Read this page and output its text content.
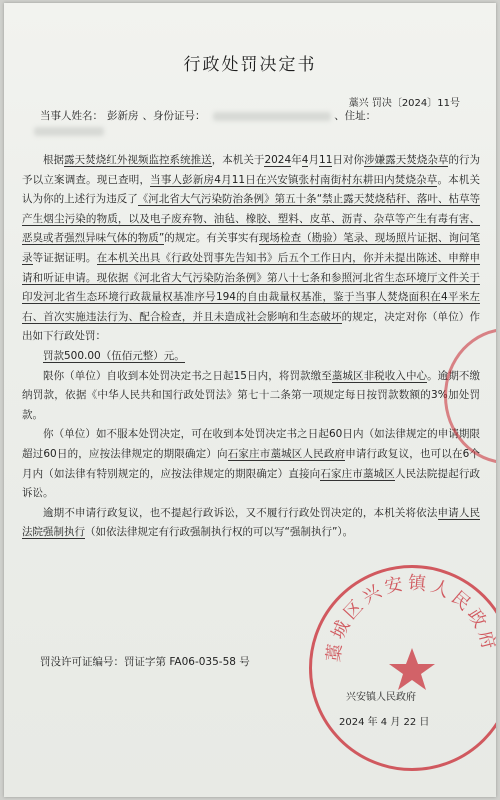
行政处罚决定书
藁兴 罚决〔2024〕11号
当事人姓名： 彭新房 、身份证号：	、住址：

根据露天焚烧红外视频监控系统推送，本机关于2024年4月11日对你涉嫌露天焚烧杂草的行为予以立案调查。现已查明，当事人彭新房4月11日在兴安镇张村南街村东耕田内焚烧杂草。本机关认为你的上述行为违反了《河北省大气污染防治条例》第五十条“禁止露天焚烧秸秆、落叶、枯草等产生烟尘污染的物质，以及电子废弃物、油毡、橡胶、塑料、皮革、沥青、杂草等产生有毒有害、恶臭或者强烈异味气体的物质”的规定。有关事实有现场检查（勘验）笔录、现场照片证据、询问笔录等证据证明。在本机关出具《行政处罚事先告知书》后五个工作日内，你并未提出陈述、申辩申请和听证申请。现依据《河北省大气污染防治条例》第八十七条和参照河北省生态环境厅文件关于印发河北省生态环境行政裁量权基准序号194的自由裁量权基准，鉴于当事人焚烧面积在4平米左右、首次实施违法行为、配合检查，并且未造成社会影响和生态破坏的规定，决定对你（单位）作出如下行政处罚：

罚款500.00（伍佰元整）元。

限你（单位）自收到本处罚决定书之日起15日内，将罚款缴至藁城区非税收入中心。逾期不缴纳罚款，依据《中华人民共和国行政处罚法》第七十二条第一项规定每日按罚款数额的3%加处罚款。

你（单位）如不服本处罚决定，可在收到本处罚决定书之日起60日内（如法律规定的申请期限超过60日的，应按法律规定的期限确定）向石家庄市藁城区人民政府申请行政复议，也可以在6个月内（如法律有特别规定的，应按法律规定的期限确定）直接向石家庄市藁城区人民法院提起行政诉讼。

逾期不申请行政复议，也不提起行政诉讼，又不履行行政处罚决定的，本机关将依法申请人民法院强制执行（如依法律规定有行政强制执行权的可以写“强制执行”）。

罚没许可证编号：罚证字第 FA06-035-58 号	藁城区兴安镇人民政府
兴安镇人民政府
2024 年 4 月 22 日
